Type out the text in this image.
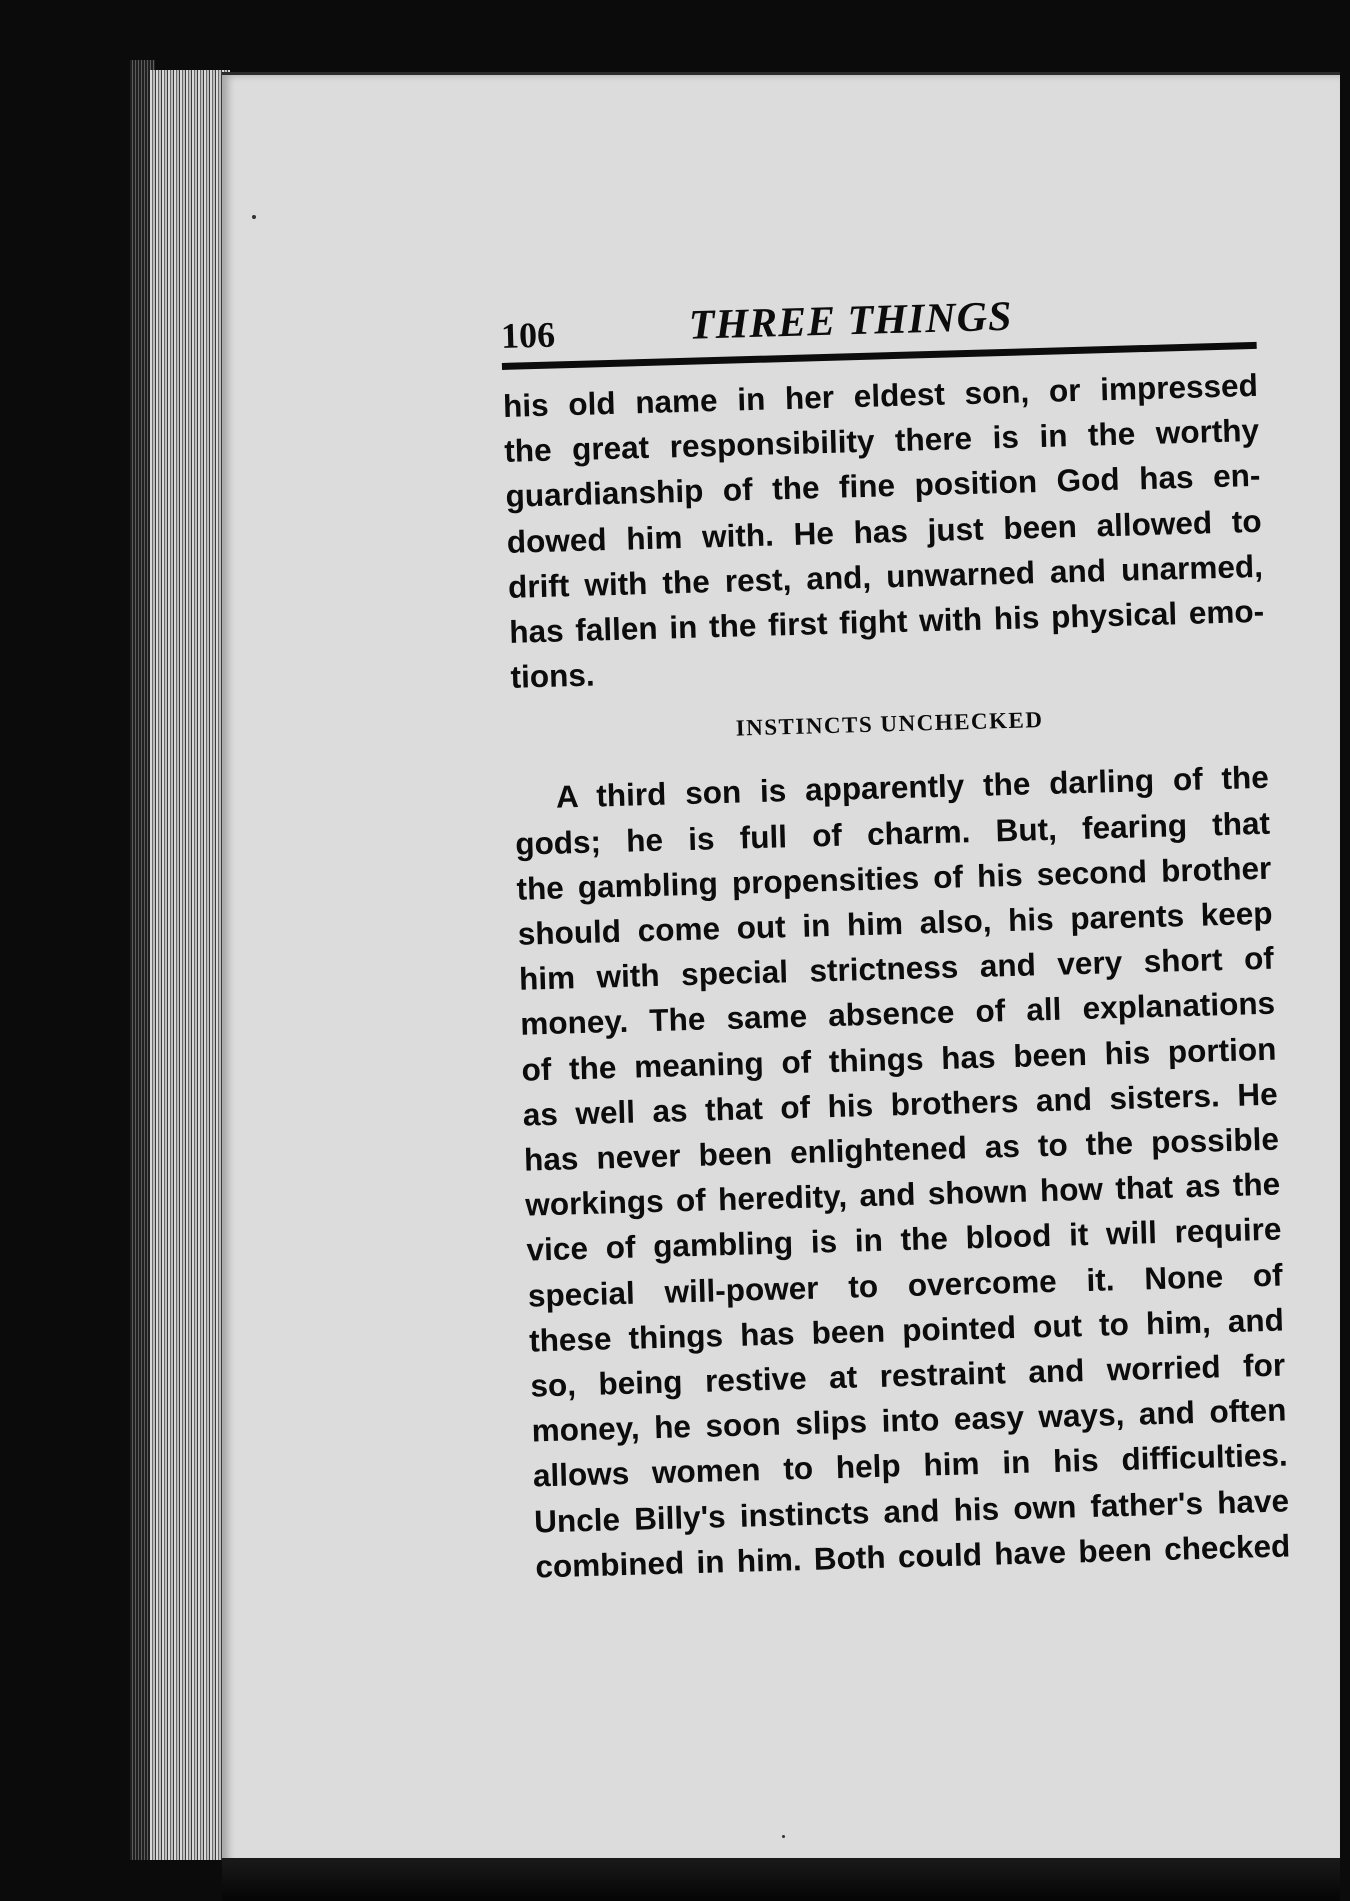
106	THREE THINGS

his old name in her eldest son, or impressed
the great responsibility there is in the worthy
guardianship of the fine position God has en-
dowed him with. He has just been allowed to
drift with the rest, and, unwarned and unarmed,
has fallen in the first fight with his physical emo-
tions.

INSTINCTS UNCHECKED

A third son is apparently the darling of the
gods; he is full of charm. But, fearing that
the gambling propensities of his second brother
should come out in him also, his parents keep
him with special strictness and very short of
money. The same absence of all explanations
of the meaning of things has been his portion
as well as that of his brothers and sisters. He
has never been enlightened as to the possible
workings of heredity, and shown how that as the
vice of gambling is in the blood it will require
special will-power to overcome it. None of
these things has been pointed out to him, and
so, being restive at restraint and worried for
money, he soon slips into easy ways, and often
allows women to help him in his difficulties.
Uncle Billy's instincts and his own father's have
combined in him. Both could have been checked
